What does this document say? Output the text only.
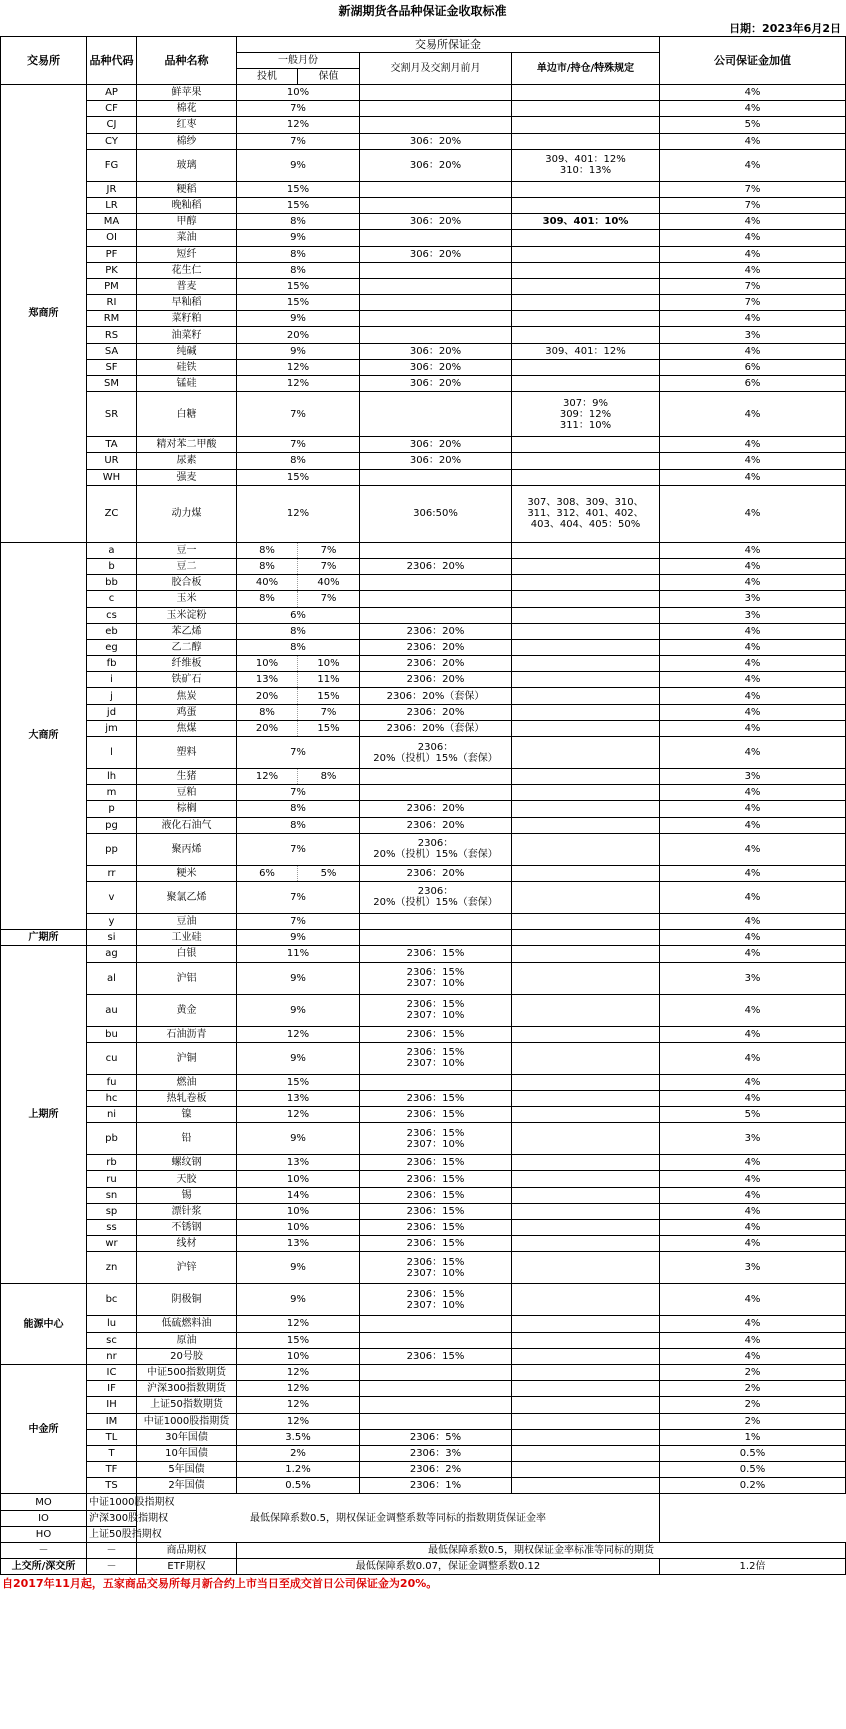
新湖期货各品种保证金收取标准
日期：2023年6月2日
交易所	品种代码	品种名称	交易所保证金				公司保证金加值
			一般月份		交割月及交割月前月	单边市/持仓/特殊规定	
			投机	保值			
郑商所	AP	鲜苹果	10%				4%
	CF	棉花	7%				4%
	CJ	红枣	12%				5%
	CY	棉纱	7%		306：20%		4%
	FG	玻璃	9%		306：20%	309、401：12%
310：13%	4%
	JR	粳稻	15%				7%
	LR	晚籼稻	15%				7%
	MA	甲醇	8%		306：20%	309、401：10%	4%
	OI	菜油	9%				4%
	PF	短纤	8%		306：20%		4%
	PK	花生仁	8%				4%
	PM	普麦	15%				7%
	RI	早籼稻	15%				7%
	RM	菜籽粕	9%				4%
	RS	油菜籽	20%				3%
	SA	纯碱	9%		306：20%	309、401：12%	4%
	SF	硅铁	12%		306：20%		6%
	SM	锰硅	12%		306：20%		6%
	SR	白糖	7%			307：9%
309：12%
311：10%	4%
	TA	精对苯二甲酸	7%		306：20%		4%
	UR	尿素	8%		306：20%		4%
	WH	强麦	15%				4%
	ZC	动力煤	12%		306:50%	307、308、309、310、311、312、401、402、403、404、405：50%	4%
大商所	a	豆一	8%	7%			4%
	b	豆二	8%	7%	2306：20%		4%
	bb	胶合板	40%	40%			4%
	c	玉米	8%	7%			3%
	cs	玉米淀粉	6%				3%
	eb	苯乙烯	8%		2306：20%		4%
	eg	乙二醇	8%		2306：20%		4%
	fb	纤维板	10%	10%	2306：20%		4%
	i	铁矿石	13%	11%	2306：20%		4%
	j	焦炭	20%	15%	2306：20%（套保）		4%
	jd	鸡蛋	8%	7%	2306：20%		4%
	jm	焦煤	20%	15%	2306：20%（套保）		4%
	l	塑料	7%		2306：
20%（投机）15%（套保）		4%
	lh	生猪	12%	8%			3%
	m	豆粕	7%				4%
	p	棕榈	8%		2306：20%		4%
	pg	液化石油气	8%		2306：20%		4%
	pp	聚丙烯	7%		2306：
20%（投机）15%（套保）		4%
	rr	粳米	6%	5%	2306：20%		4%
	v	聚氯乙烯	7%		2306：
20%（投机）15%（套保）		4%
	y	豆油	7%				4%
广期所	si	工业硅	9%				4%
上期所	ag	白银	11%		2306：15%		4%
	al	沪铝	9%		2306：15%
2307：10%		3%
	au	黄金	9%		2306：15%
2307：10%		4%
	bu	石油沥青	12%		2306：15%		4%
	cu	沪铜	9%		2306：15%
2307：10%		4%
	fu	燃油	15%				4%
	hc	热轧卷板	13%		2306：15%		4%
	ni	镍	12%		2306：15%		5%
	pb	铅	9%		2306：15%
2307：10%		3%
	rb	螺纹钢	13%		2306：15%		4%
	ru	天胶	10%		2306：15%		4%
	sn	锡	14%		2306：15%		4%
	sp	漂针浆	10%		2306：15%		4%
	ss	不锈钢	10%		2306：15%		4%
	wr	线材	13%		2306：15%		4%
	zn	沪锌	9%		2306：15%
2307：10%		3%
能源中心	bc	阴极铜	9%		2306：15%
2307：10%		4%
	lu	低硫燃料油	12%				4%
	sc	原油	15%				4%
	nr	20号胶	10%		2306：15%		4%
中金所	IC	中证500指数期货	12%				2%
	IF	沪深300指数期货	12%				2%
	IH	上证50指数期货	12%				2%
	IM	中证1000股指期货	12%				2%
	TL	30年国债	3.5%		2306：5%		1%
	T	10年国债	2%		2306：3%		0.5%
	TF	5年国债	1.2%		2306：2%		0.5%
	TS	2年国债	0.5%		2306：1%		0.2%
MO	中证1000股指期权	最低保障系数0.5，期权保证金调整系数等同标的指数期货保证金率					
IO	沪深300股指期权						
HO	上证50股指期权						
－	－	商品期权	最低保障系数0.5，期权保证金率标准等同标的期货				
上交所/深交所	－	ETF期权	最低保障系数0.07，保证金调整系数0.12				1.2倍
自2017年11月起，五家商品交易所每月新合约上市当日至成交首日公司保证金为20%。
